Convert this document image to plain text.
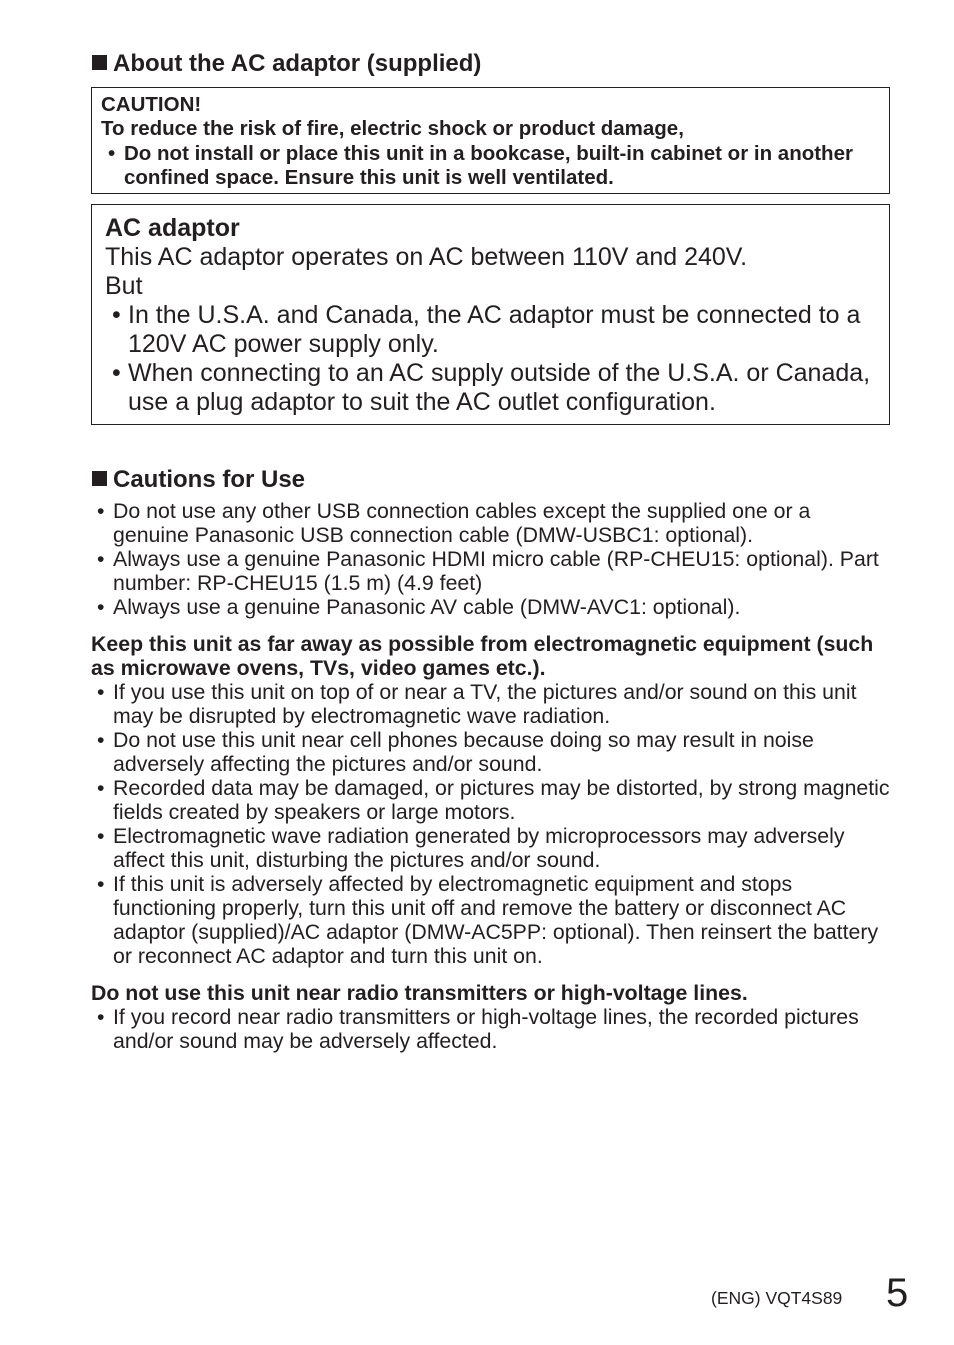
About the AC adaptor (supplied)
CAUTION!
To reduce the risk of fire, electric shock or product damage,
• Do not install or place this unit in a bookcase, built-in cabinet or in another confined space. Ensure this unit is well ventilated.
AC adaptor
This AC adaptor operates on AC between 110V and 240V.
But
• In the U.S.A. and Canada, the AC adaptor must be connected to a 120V AC power supply only.
• When connecting to an AC supply outside of the U.S.A. or Canada, use a plug adaptor to suit the AC outlet configuration.
Cautions for Use
• Do not use any other USB connection cables except the supplied one or a genuine Panasonic USB connection cable (DMW-USBC1: optional).
• Always use a genuine Panasonic HDMI micro cable (RP-CHEU15: optional). Part number: RP-CHEU15 (1.5 m) (4.9 feet)
• Always use a genuine Panasonic AV cable (DMW-AVC1: optional).
Keep this unit as far away as possible from electromagnetic equipment (such as microwave ovens, TVs, video games etc.).
• If you use this unit on top of or near a TV, the pictures and/or sound on this unit may be disrupted by electromagnetic wave radiation.
• Do not use this unit near cell phones because doing so may result in noise adversely affecting the pictures and/or sound.
• Recorded data may be damaged, or pictures may be distorted, by strong magnetic fields created by speakers or large motors.
• Electromagnetic wave radiation generated by microprocessors may adversely affect this unit, disturbing the pictures and/or sound.
• If this unit is adversely affected by electromagnetic equipment and stops functioning properly, turn this unit off and remove the battery or disconnect AC adaptor (supplied)/AC adaptor (DMW-AC5PP: optional). Then reinsert the battery or reconnect AC adaptor and turn this unit on.
Do not use this unit near radio transmitters or high-voltage lines.
• If you record near radio transmitters or high-voltage lines, the recorded pictures and/or sound may be adversely affected.
(ENG) VQT4S89 5
